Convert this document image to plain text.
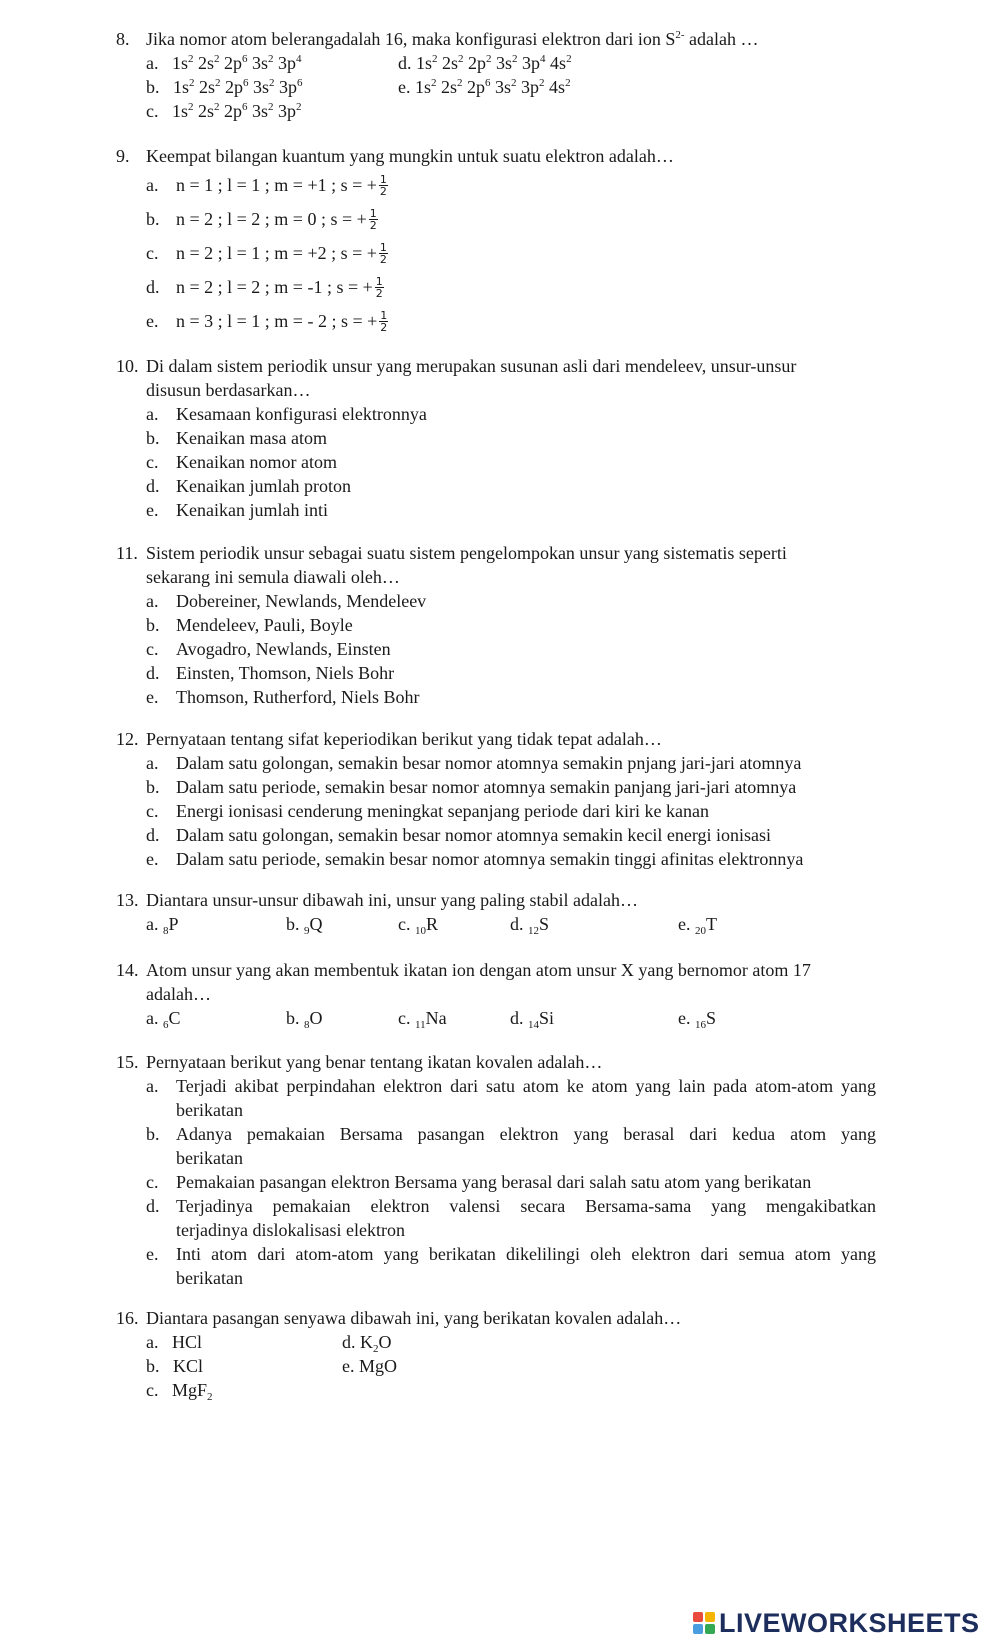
8. Jika nomor atom belerangadalah 16, maka konfigurasi elektron dari ion $S^{2-}$ adalah …
a. $1s^2$ $2s^2$ $2p^6$ $3s^2$ $3p^4$	d. $1s^2$ $2s^2$ $2p^2$ $3s^2$ $3p^4$ $4s^2$
b. $1s^2$ $2s^2$ $2p^6$ $3s^2$ $3p^6$	e. $1s^2$ $2s^2$ $2p^6$ $3s^2$ $3p^2$ $4s^2$
c. $1s^2$ $2s^2$ $2p^6$ $3s^2$ $3p^2$
9. Keempat bilangan kuantum yang mungkin untuk suatu elektron adalah…
a. n = 1 ; l = 1 ; m = +1 ; s = + $\frac{1}{2}$
b. n = 2 ; l = 2 ; m = 0 ; s = + $\frac{1}{2}$
c. n = 2 ; l = 1 ; m = +2 ; s = + $\frac{1}{2}$
d. n = 2 ; l = 2 ; m = -1 ; s = + $\frac{1}{2}$
e. n = 3 ; l = 1 ; m = - 2 ; s = + $\frac{1}{2}$
10. Di dalam sistem periodik unsur yang merupakan susunan asli dari mendeleev, unsur-unsur
disusun berdasarkan…
a. Kesamaan konfigurasi elektronnya
b. Kenaikan masa atom
c. Kenaikan nomor atom
d. Kenaikan jumlah proton
e. Kenaikan jumlah inti
11. Sistem periodik unsur sebagai suatu sistem pengelompokan unsur yang sistematis seperti
sekarang ini semula diawali oleh…
a. Dobereiner, Newlands, Mendeleev
b. Mendeleev, Pauli, Boyle
c. Avogadro, Newlands, Einsten
d. Einsten, Thomson, Niels Bohr
e. Thomson, Rutherford, Niels Bohr
12. Pernyataan tentang sifat keperiodikan berikut yang tidak tepat adalah…
a. Dalam satu golongan, semakin besar nomor atomnya semakin pnjang jari-jari atomnya
b. Dalam satu periode, semakin besar nomor atomnya semakin panjang jari-jari atomnya
c. Energi ionisasi cenderung meningkat sepanjang periode dari kiri ke kanan
d. Dalam satu golongan, semakin besar nomor atomnya semakin kecil energi ionisasi
e. Dalam satu periode, semakin besar nomor atomnya semakin tinggi afinitas elektronnya
13. Diantara unsur-unsur dibawah ini, unsur yang paling stabil adalah…
a. $_8$P	b. $_9$Q	c. $_{10}$R	d. $_{12}$S	e. $_{20}$T
14. Atom unsur yang akan membentuk ikatan ion dengan atom unsur X yang bernomor atom 17
adalah…
a. $_6$C	b. $_8$O	c. $_{11}$Na	d. $_{14}$Si	e. $_{16}$S
15. Pernyataan berikut yang benar tentang ikatan kovalen adalah…
a. Terjadi akibat perpindahan elektron dari satu atom ke atom yang lain pada atom-atom yang
berikatan
b. Adanya pemakaian Bersama pasangan elektron yang berasal dari kedua atom yang
berikatan
c. Pemakaian pasangan elektron Bersama yang berasal dari salah satu atom yang berikatan
d. Terjadinya pemakaian elektron valensi secara Bersama-sama yang mengakibatkan
terjadinya dislokalisasi elektron
e. Inti atom dari atom-atom yang berikatan dikelilingi oleh elektron dari semua atom yang
berikatan
16. Diantara pasangan senyawa dibawah ini, yang berikatan kovalen adalah…
a. HCl	d. $K_2O$
b. KCl	e. MgO
c. MgF$_2$
LIVEWORKSHEETS
